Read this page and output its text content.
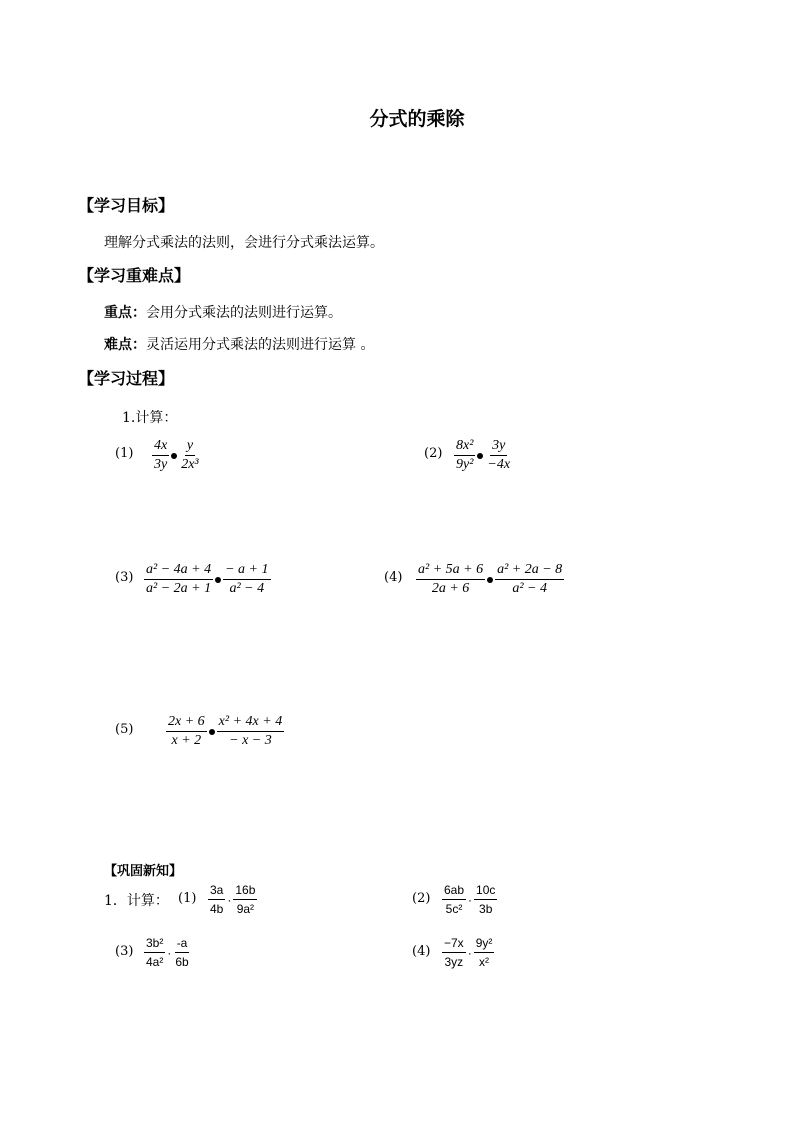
分式的乘除
【学习目标】
理解分式乘法的法则，会进行分式乘法运算。
【学习重难点】
重点：会用分式乘法的法则进行运算。
难点：灵活运用分式乘法的法则进行运算 。
【学习过程】
1.计算：
$(1) \frac{4x}{3y} \frac{y}{\text{2x³}}$	$(2) \frac{\text{8x²}}{\text{9y²}} \frac{3y}{-4x}$
$(3) \frac{\text{a² − 4a + 4}}{\text{a² − 2a + 1}} \frac{- a + 1}{\text{a² − 4}}$	$(4) \frac{\text{a² + 5a + 6}}{2a + 6} \frac{\text{a² + 2a − 8}}{\text{a² − 4}}$
$(5) \frac{2x + 6}{x + 2} \frac{\text{x² + 4x + 4}}{- x - 3}$
【巩固新知】
1．计算： $(1) \frac{3a}{4b} \cdot \frac{16b}{\text{9a²}}$	$(2) \frac{6ab}{\text{5c²}} \cdot \frac{10c}{3b}$
$(3) \frac{\text{3b²}}{\text{4a²}} \cdot \frac{-a}{6b}$	$(4) \frac{-7x}{3yz} \cdot \frac{\text{9y²}}{\text{x²}}$
